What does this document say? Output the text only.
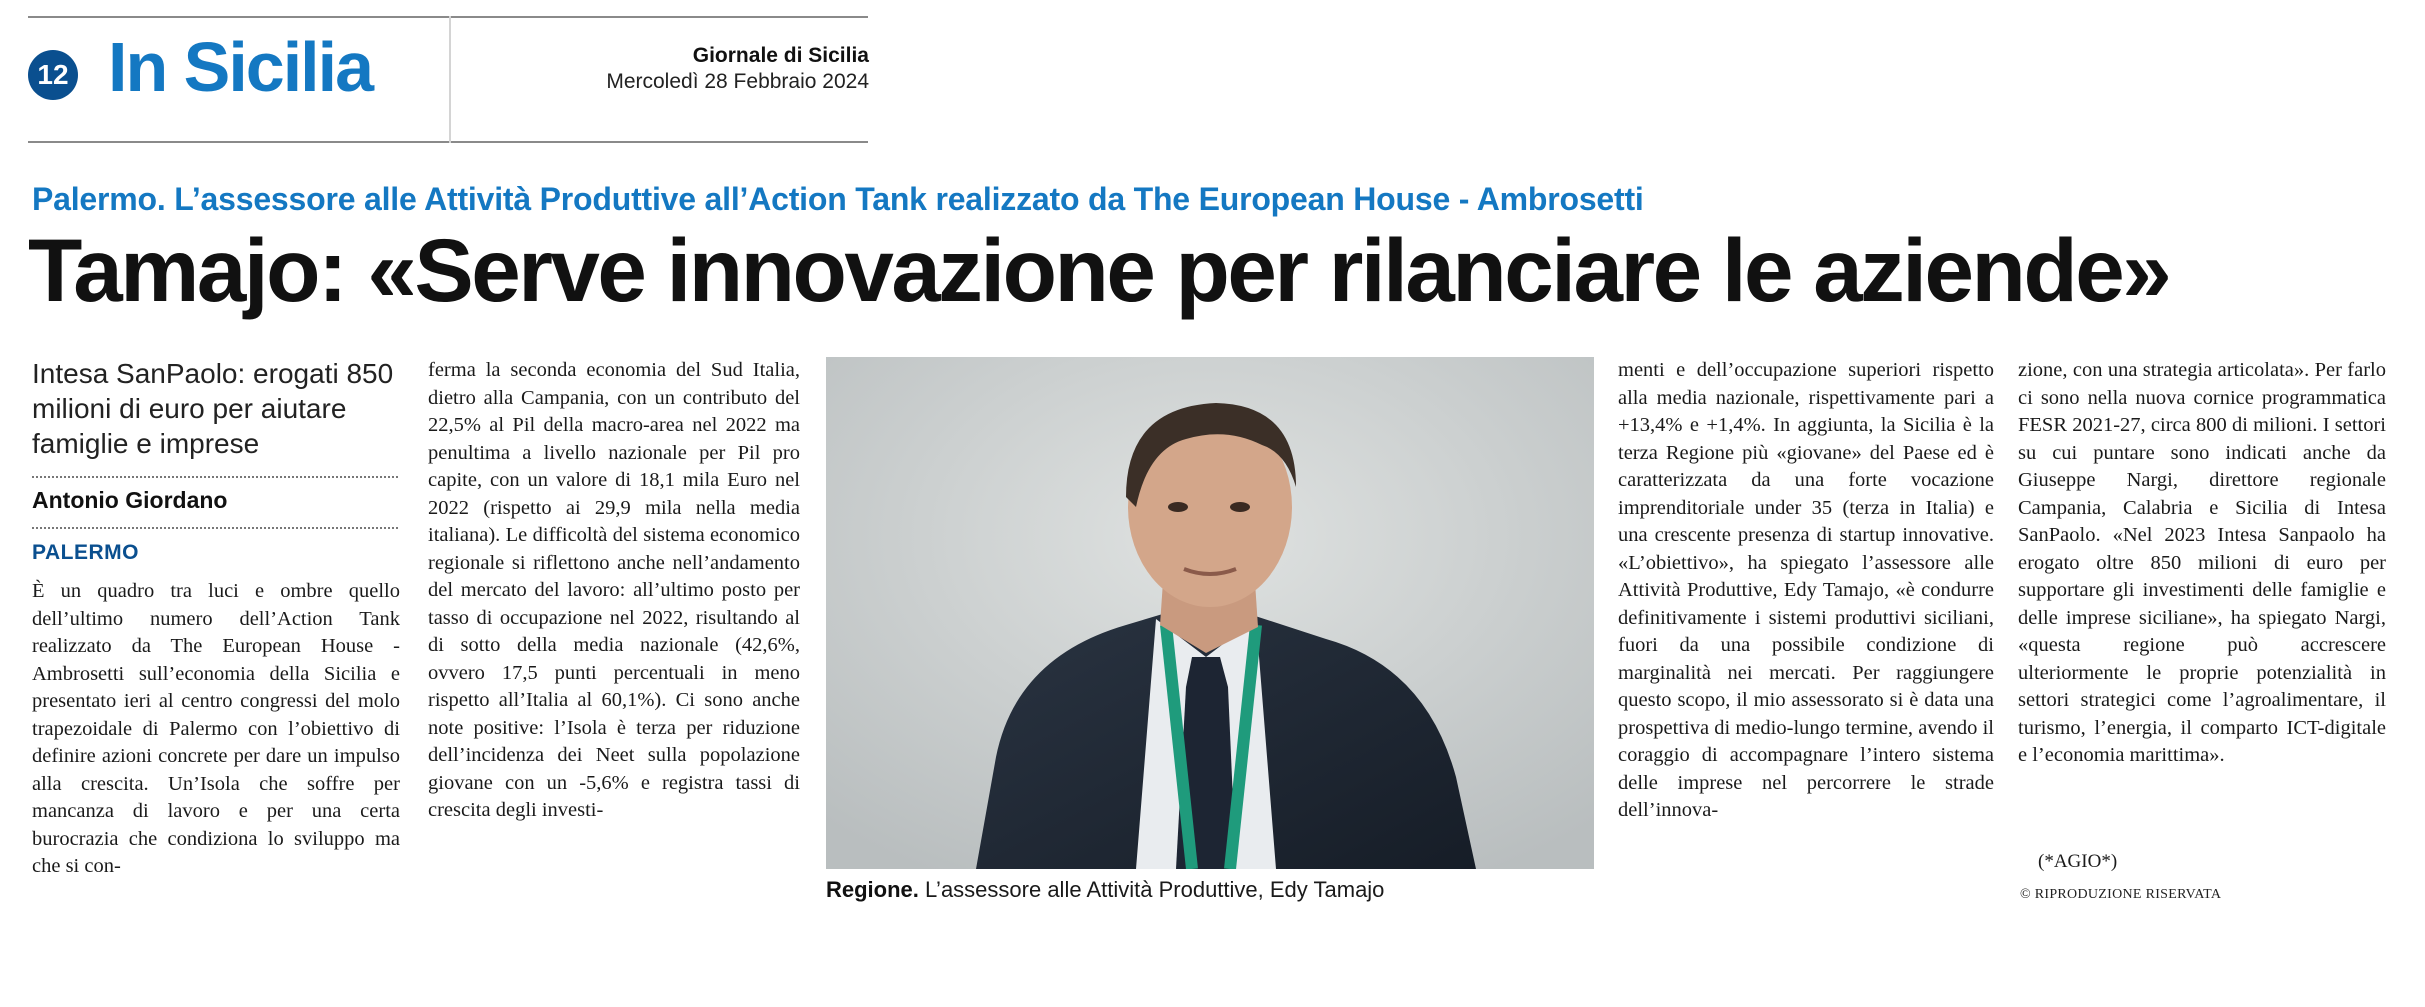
12 In Sicilia	Giornale di Sicilia
Mercoledì 28 Febbraio 2024
Palermo. L’assessore alle Attività Produttive all’Action Tank realizzato da The European House - Ambrosetti
Tamajo: «Serve innovazione per rilanciare le aziende»
Intesa SanPaolo: erogati 850 milioni di euro per aiutare famiglie e imprese
Antonio Giordano
PALERMO

È un quadro tra luci e ombre quello dell’ultimo numero dell’Action Tank realizzato da The European House - Ambrosetti sull’economia della Sicilia e presentato ieri al centro congressi del molo trapezoidale di Palermo con l’obiettivo di definire azioni concrete per dare un impulso alla crescita. Un’Isola che soffre per mancanza di lavoro e per una certa burocrazia che condiziona lo sviluppo ma che si con-

ferma la seconda economia del Sud Italia, dietro alla Campania, con un contributo del 22,5% al Pil della macro-area nel 2022 ma penultima a livello nazionale per Pil pro capite, con un valore di 18,1 mila Euro nel 2022 (rispetto ai 29,9 mila nella media italiana). Le difficoltà del sistema economico regionale si riflettono anche nell’andamento del mercato del lavoro: all’ultimo posto per tasso di occupazione nel 2022, risultando al di sotto della media nazionale (42,6%, ovvero 17,5 punti percentuali in meno rispetto all’Italia al 60,1%). Ci sono anche note positive: l’Isola è terza per riduzione dell’incidenza dei Neet sulla popolazione giovane con un -5,6% e registra tassi di crescita degli investi-

Regione. L’assessore alle Attività Produttive, Edy Tamajo

menti e dell’occupazione superiori rispetto alla media nazionale, rispettivamente pari a +13,4% e +1,4%. In aggiunta, la Sicilia è la terza Regione più «giovane» del Paese ed è caratterizzata da una forte vocazione imprenditoriale under 35 (terza in Italia) e una crescente presenza di startup innovative. «L’obiettivo», ha spiegato l’assessore alle Attività Produttive, Edy Tamajo, «è condurre definitivamente i sistemi produttivi siciliani, fuori da una possibile condizione di marginalità nei mercati. Per raggiungere questo scopo, il mio assessorato si è data una prospettiva di medio-lungo termine, avendo il coraggio di accompagnare l’intero sistema delle imprese nel percorrere le strade dell’innova-

zione, con una strategia articolata». Per farlo ci sono nella nuova cornice programmatica FESR 2021-27, circa 800 di milioni. I settori su cui puntare sono indicati anche da Giuseppe Nargi, direttore regionale Campania, Calabria e Sicilia di Intesa SanPaolo. «Nel 2023 Intesa Sanpaolo ha erogato oltre 850 milioni di euro per supportare gli investimenti delle famiglie e delle imprese siciliane», ha spiegato Nargi, «questa regione può accrescere ulteriormente le proprie potenzialità in settori strategici come l’agroalimentare, il turismo, l’energia, il comparto ICT-digitale e l’economia marittima».

(*AGIO*)
© RIPRODUZIONE RISERVATA
